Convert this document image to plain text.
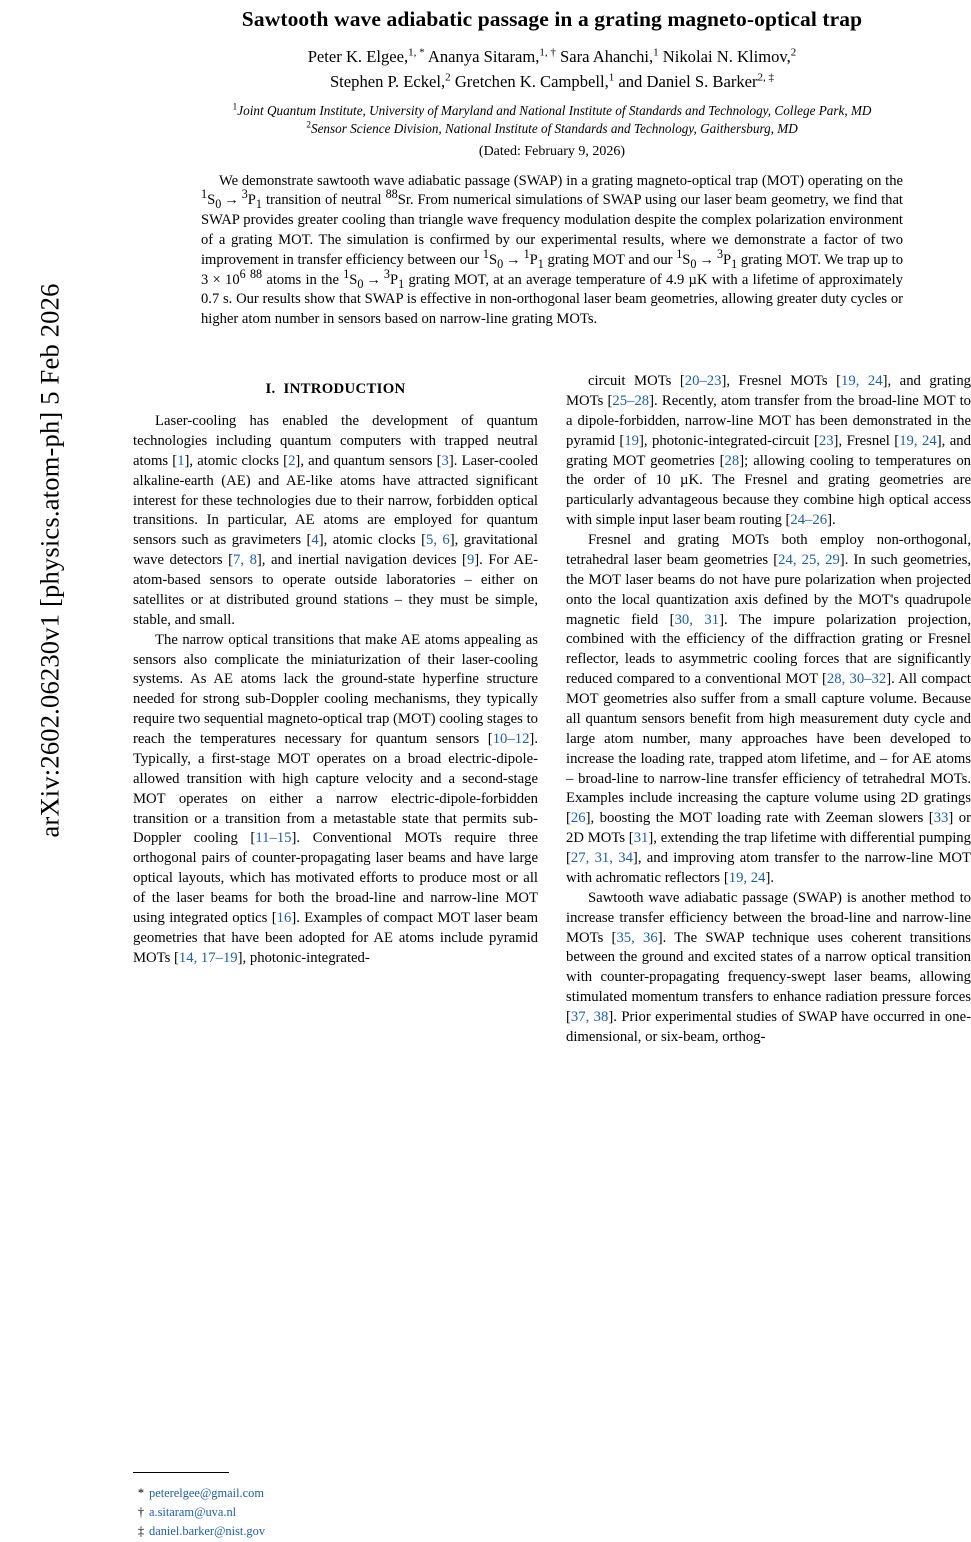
arXiv:2602.06230v1 [physics.atom-ph] 5 Feb 2026
Sawtooth wave adiabatic passage in a grating magneto-optical trap
Peter K. Elgee,$^{1, *}$ Ananya Sitaram,$^{1, \dagger}$ Sara Ahanchi,$^1$ Nikolai N. Klimov,$^2$
Stephen P. Eckel,$^2$ Gretchen K. Campbell,$^1$ and Daniel S. Barker$^{2, \ddagger}$
$^1$Joint Quantum Institute, University of Maryland and National Institute of Standards and Technology, College Park, MD
$^2$Sensor Science Division, National Institute of Standards and Technology, Gaithersburg, MD
(Dated: February 9, 2026)
We demonstrate sawtooth wave adiabatic passage (SWAP) in a grating magneto-optical trap (MOT) operating on the $^1S_0 \to ^3P_1$ transition of neutral $^{88}$Sr. From numerical simulations of SWAP using our laser beam geometry, we find that SWAP provides greater cooling than triangle wave frequency modulation despite the complex polarization environment of a grating MOT. The simulation is confirmed by our experimental results, where we demonstrate a factor of two improvement in transfer efficiency between our $^1S_0 \to ^1P_1$ grating MOT and our $^1S_0 \to ^3P_1$ grating MOT. We trap up to $3 \times 10^6$ $^{88}$ atoms in the $^1S_0 \to ^3P_1$ grating MOT, at an average temperature of 4.9 µK with a lifetime of approximately 0.7 s. Our results show that SWAP is effective in non-orthogonal laser beam geometries, allowing greater duty cycles or higher atom number in sensors based on narrow-line grating MOTs.
I. INTRODUCTION

Laser-cooling has enabled the development of quantum technologies including quantum computers with trapped neutral atoms [1], atomic clocks [2], and quantum sensors [3]. Laser-cooled alkaline-earth (AE) and AE-like atoms have attracted significant interest for these technologies due to their narrow, forbidden optical transitions. In particular, AE atoms are employed for quantum sensors such as gravimeters [4], atomic clocks [5, 6], gravitational wave detectors [7, 8], and inertial navigation devices [9]. For AE-atom-based sensors to operate outside laboratories – either on satellites or at distributed ground stations – they must be simple, stable, and small.

The narrow optical transitions that make AE atoms appealing as sensors also complicate the miniaturization of their laser-cooling systems. As AE atoms lack the ground-state hyperfine structure needed for strong sub-Doppler cooling mechanisms, they typically require two sequential magneto-optical trap (MOT) cooling stages to reach the temperatures necessary for quantum sensors [10–12]. Typically, a first-stage MOT operates on a broad electric-dipole-allowed transition with high capture velocity and a second-stage MOT operates on either a narrow electric-dipole-forbidden transition or a transition from a metastable state that permits sub-Doppler cooling [11–15]. Conventional MOTs require three orthogonal pairs of counter-propagating laser beams and have large optical layouts, which has motivated efforts to produce most or all of the laser beams for both the broad-line and narrow-line MOT using integrated optics [16]. Examples of compact MOT laser beam geometries that have been adopted for AE atoms include pyramid MOTs [14, 17–19], photonic-integrated-

* peterelgee@gmail.com
† a.sitaram@uva.nl
‡ daniel.barker@nist.gov

circuit MOTs [20–23], Fresnel MOTs [19, 24], and grating MOTs [25–28]. Recently, atom transfer from the broad-line MOT to a dipole-forbidden, narrow-line MOT has been demonstrated in the pyramid [19], photonic-integrated-circuit [23], Fresnel [19, 24], and grating MOT geometries [28]; allowing cooling to temperatures on the order of 10 µK. The Fresnel and grating geometries are particularly advantageous because they combine high optical access with simple input laser beam routing [24–26].

Fresnel and grating MOTs both employ non-orthogonal, tetrahedral laser beam geometries [24, 25, 29]. In such geometries, the MOT laser beams do not have pure polarization when projected onto the local quantization axis defined by the MOT's quadrupole magnetic field [30, 31]. The impure polarization projection, combined with the efficiency of the diffraction grating or Fresnel reflector, leads to asymmetric cooling forces that are significantly reduced compared to a conventional MOT [28, 30–32]. All compact MOT geometries also suffer from a small capture volume. Because all quantum sensors benefit from high measurement duty cycle and large atom number, many approaches have been developed to increase the loading rate, trapped atom lifetime, and – for AE atoms – broad-line to narrow-line transfer efficiency of tetrahedral MOTs. Examples include increasing the capture volume using 2D gratings [26], boosting the MOT loading rate with Zeeman slowers [33] or 2D MOTs [31], extending the trap lifetime with differential pumping [27, 31, 34], and improving atom transfer to the narrow-line MOT with achromatic reflectors [19, 24].

Sawtooth wave adiabatic passage (SWAP) is another method to increase transfer efficiency between the broad-line and narrow-line MOTs [35, 36]. The SWAP technique uses coherent transitions between the ground and excited states of a narrow optical transition with counter-propagating frequency-swept laser beams, allowing stimulated momentum transfers to enhance radiation pressure forces [37, 38]. Prior experimental studies of SWAP have occurred in one-dimensional, or six-beam, orthog-
